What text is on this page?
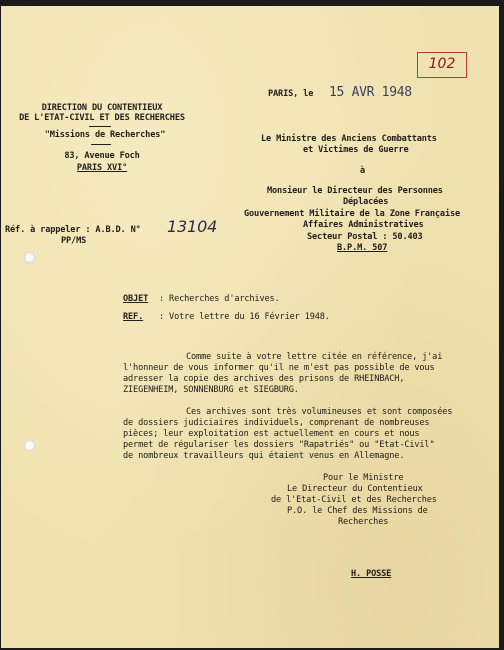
102
PARIS, le 15 AVR 1948
DIRECTION DU CONTENTIEUX
DE L'ETAT-CIVIL ET DES RECHERCHES
"Missions de Recherches"
83, Avenue Foch
PARIS XVI°
Le Ministre des Anciens Combattants
et Victimes de Guerre
à
Monsieur le Directeur des Personnes
Déplacées
Gouvernement Militaire de la Zone Française
Affaires Administratives
Secteur Postal : 50.403
B.P.M. 507
Réf. à rappeler : A.B.D. N° 13104
PP/MS
OBJET : Recherches d'archives.
REF. : Votre lettre du 16 Février 1948.
Comme suite à votre lettre citée en référence, j'ai
l'honneur de vous informer qu'il ne m'est pas possible de vous
adresser la copie des archives des prisons de RHEINBACH,
ZIEGENHEIM, SONNENBURG et SIEGBURG.
Ces archives sont très volumineuses et sont composées
de dossiers judiciaires individuels, comprenant de nombreuses
pièces; leur exploitation est actuellement en cours et nous
permet de régulariser les dossiers "Rapatriés" ou "Etat-Civil"
de nombreux travailleurs qui étaient venus en Allemagne.
Pour le Ministre
Le Directeur du Contentieux
de l'Etat-Civil et des Recherches
P.O. le Chef des Missions de
Recherches
H. POSSE
